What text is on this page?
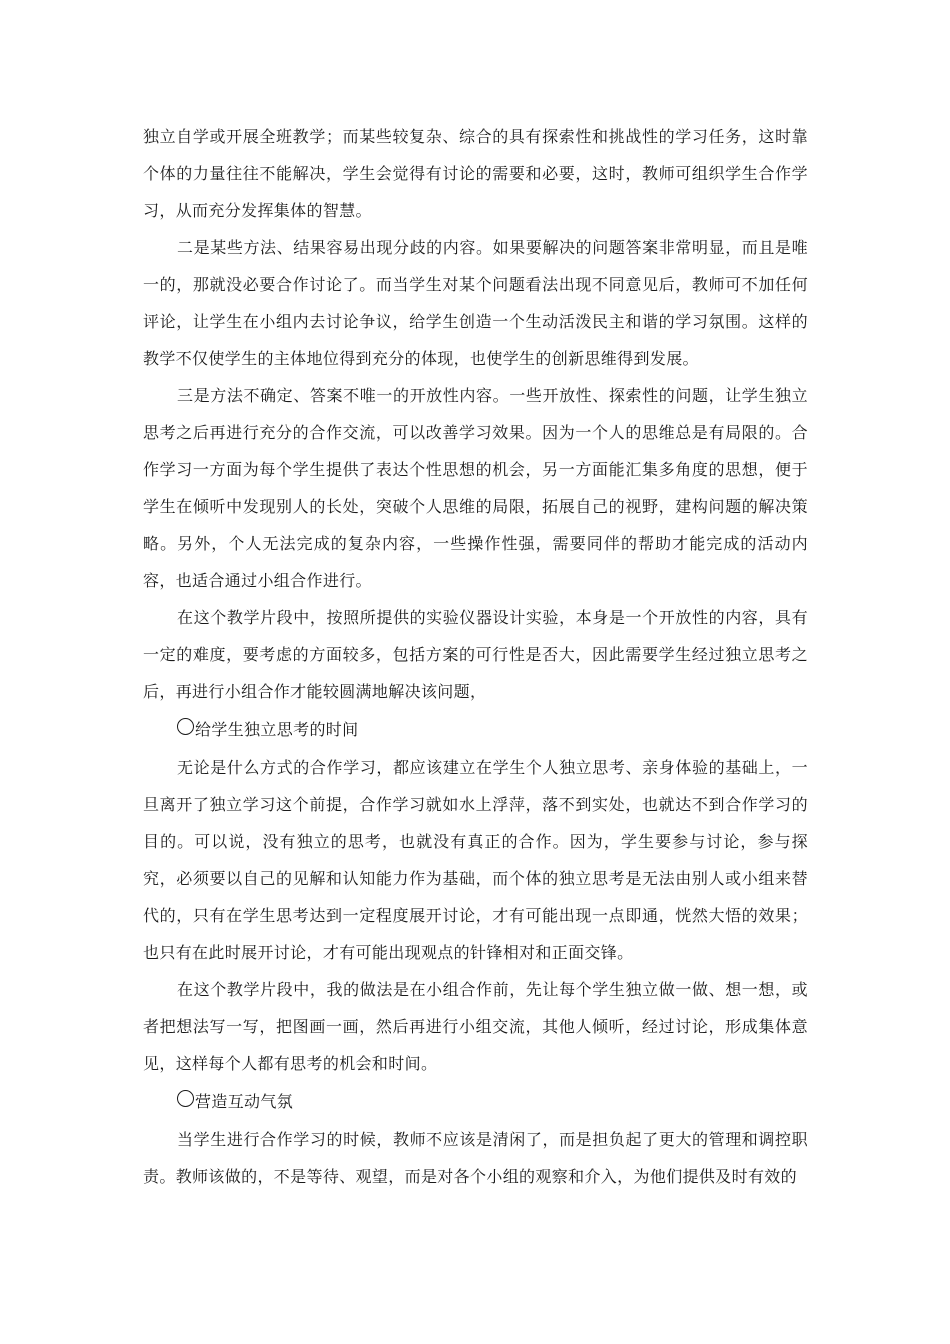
独立自学或开展全班教学；而某些较复杂、综合的具有探索性和挑战性的学习任务，这时靠个体的力量往往不能解决，学生会觉得有讨论的需要和必要，这时，教师可组织学生合作学习，从而充分发挥集体的智慧。

二是某些方法、结果容易出现分歧的内容。如果要解决的问题答案非常明显，而且是唯一的，那就没必要合作讨论了。而当学生对某个问题看法出现不同意见后，教师可不加任何评论，让学生在小组内去讨论争议，给学生创造一个生动活泼民主和谐的学习氛围。这样的教学不仅使学生的主体地位得到充分的体现，也使学生的创新思维得到发展。

三是方法不确定、答案不唯一的开放性内容。一些开放性、探索性的问题，让学生独立思考之后再进行充分的合作交流，可以改善学习效果。因为一个人的思维总是有局限的。合作学习一方面为每个学生提供了表达个性思想的机会，另一方面能汇集多角度的思想，便于学生在倾听中发现别人的长处，突破个人思维的局限，拓展自己的视野，建构问题的解决策略。另外，个人无法完成的复杂内容，一些操作性强，需要同伴的帮助才能完成的活动内容，也适合通过小组合作进行。

在这个教学片段中，按照所提供的实验仪器设计实验，本身是一个开放性的内容，具有一定的难度，要考虑的方面较多，包括方案的可行性是否大，因此需要学生经过独立思考之后，再进行小组合作才能较圆满地解决该问题，

给学生独立思考的时间

无论是什么方式的合作学习，都应该建立在学生个人独立思考、亲身体验的基础上，一旦离开了独立学习这个前提，合作学习就如水上浮萍，落不到实处，也就达不到合作学习的目的。可以说，没有独立的思考，也就没有真正的合作。因为，学生要参与讨论，参与探究，必须要以自己的见解和认知能力作为基础，而个体的独立思考是无法由别人或小组来替代的，只有在学生思考达到一定程度展开讨论，才有可能出现一点即通，恍然大悟的效果；也只有在此时展开讨论，才有可能出现观点的针锋相对和正面交锋。

在这个教学片段中，我的做法是在小组合作前，先让每个学生独立做一做、想一想，或者把想法写一写，把图画一画，然后再进行小组交流，其他人倾听，经过讨论，形成集体意见，这样每个人都有思考的机会和时间。

营造互动气氛

当学生进行合作学习的时候，教师不应该是清闲了，而是担负起了更大的管理和调控职责。教师该做的，不是等待、观望，而是对各个小组的观察和介入，为他们提供及时有效的
